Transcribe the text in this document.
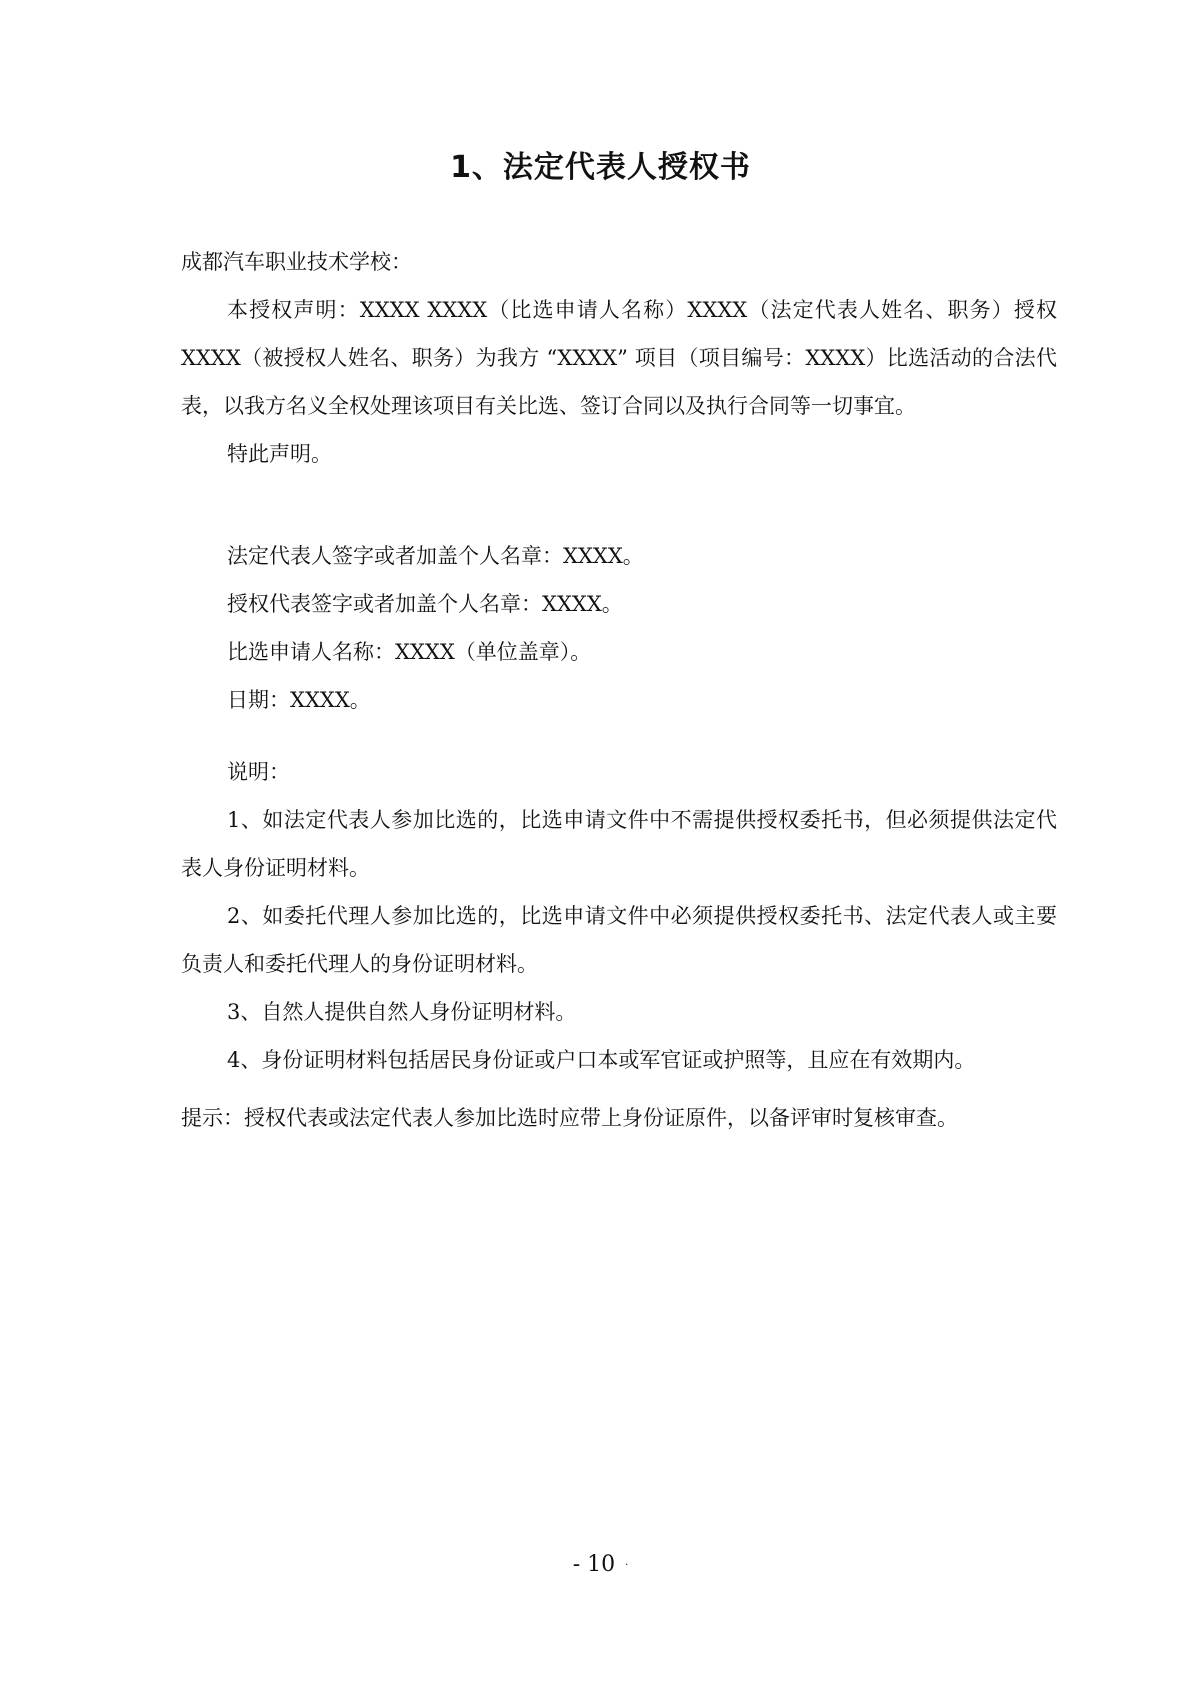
1、法定代表人授权书

成都汽车职业技术学校：

本授权声明：XXXX XXXX（比选申请人名称）XXXX（法定代表人姓名、职务）授权 XXXX（被授权人姓名、职务）为我方 “XXXX” 项目（项目编号：XXXX）比选活动的合法代表，以我方名义全权处理该项目有关比选、签订合同以及执行合同等一切事宜。

特此声明。

法定代表人签字或者加盖个人名章：XXXX。

授权代表签字或者加盖个人名章：XXXX。

比选申请人名称：XXXX（单位盖章）。

日期：XXXX。

说明：

1、如法定代表人参加比选的，比选申请文件中不需提供授权委托书，但必须提供法定代表人身份证明材料。

2、如委托代理人参加比选的，比选申请文件中必须提供授权委托书、法定代表人或主要负责人和委托代理人的身份证明材料。

3、自然人提供自然人身份证明材料。

4、身份证明材料包括居民身份证或户口本或军官证或护照等，且应在有效期内。

提示：授权代表或法定代表人参加比选时应带上身份证原件，以备评审时复核审查。

- 10 ·
